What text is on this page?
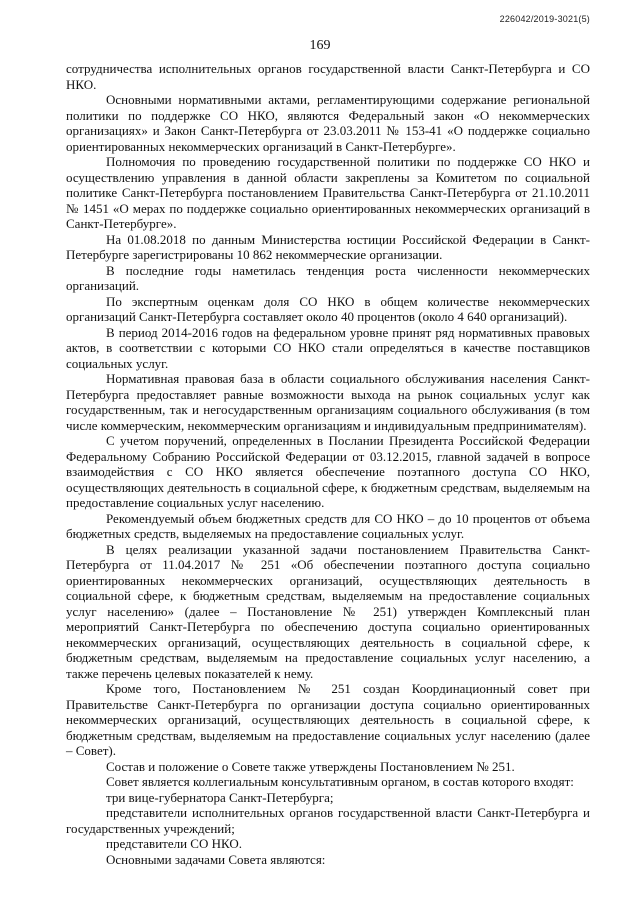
226042/2019-3021(5)
169

сотрудничества исполнительных органов государственной власти Санкт-Петербурга и СО НКО.

Основными нормативными актами, регламентирующими содержание региональной политики по поддержке СО НКО, являются Федеральный закон «О некоммерческих организациях» и Закон Санкт-Петербурга от 23.03.2011 № 153-41 «О поддержке социально ориентированных некоммерческих организаций в Санкт-Петербурге».

Полномочия по проведению государственной политики по поддержке СО НКО и осуществлению управления в данной области закреплены за Комитетом по социальной политике Санкт-Петербурга постановлением Правительства Санкт-Петербурга от 21.10.2011 № 1451 «О мерах по поддержке социально ориентированных некоммерческих организаций в Санкт-Петербурге».

На 01.08.2018 по данным Министерства юстиции Российской Федерации в Санкт-Петербурге зарегистрированы 10 862 некоммерческие организации.

В последние годы наметилась тенденция роста численности некоммерческих организаций.

По экспертным оценкам доля СО НКО в общем количестве некоммерческих организаций Санкт-Петербурга составляет около 40 процентов (около 4 640 организаций).

В период 2014-2016 годов на федеральном уровне принят ряд нормативных правовых актов, в соответствии с которыми СО НКО стали определяться в качестве поставщиков социальных услуг.

Нормативная правовая база в области социального обслуживания населения Санкт-Петербурга предоставляет равные возможности выхода на рынок социальных услуг как государственным, так и негосударственным организациям социального обслуживания (в том числе коммерческим, некоммерческим организациям и индивидуальным предпринимателям).

С учетом поручений, определенных в Послании Президента Российской Федерации Федеральному Собранию Российской Федерации от 03.12.2015, главной задачей в вопросе взаимодействия с СО НКО является обеспечение поэтапного доступа СО НКО, осуществляющих деятельность в социальной сфере, к бюджетным средствам, выделяемым на предоставление социальных услуг населению.

Рекомендуемый объем бюджетных средств для СО НКО – до 10 процентов от объема бюджетных средств, выделяемых на предоставление социальных услуг.

В целях реализации указанной задачи постановлением Правительства Санкт-Петербурга от 11.04.2017 № 251 «Об обеспечении поэтапного доступа социально ориентированных некоммерческих организаций, осуществляющих деятельность в социальной сфере, к бюджетным средствам, выделяемым на предоставление социальных услуг населению» (далее – Постановление № 251) утвержден Комплексный план мероприятий Санкт-Петербурга по обеспечению доступа социально ориентированных некоммерческих организаций, осуществляющих деятельность в социальной сфере, к бюджетным средствам, выделяемым на предоставление социальных услуг населению, а также перечень целевых показателей к нему.

Кроме того, Постановлением № 251 создан Координационный совет при Правительстве Санкт-Петербурга по организации доступа социально ориентированных некоммерческих организаций, осуществляющих деятельность в социальной сфере, к бюджетным средствам, выделяемым на предоставление социальных услуг населению (далее – Совет).

Состав и положение о Совете также утверждены Постановлением № 251.

Совет является коллегиальным консультативным органом, в состав которого входят:

три вице-губернатора Санкт-Петербурга;

представители исполнительных органов государственной власти Санкт-Петербурга и государственных учреждений;

представители СО НКО.

Основными задачами Совета являются:
